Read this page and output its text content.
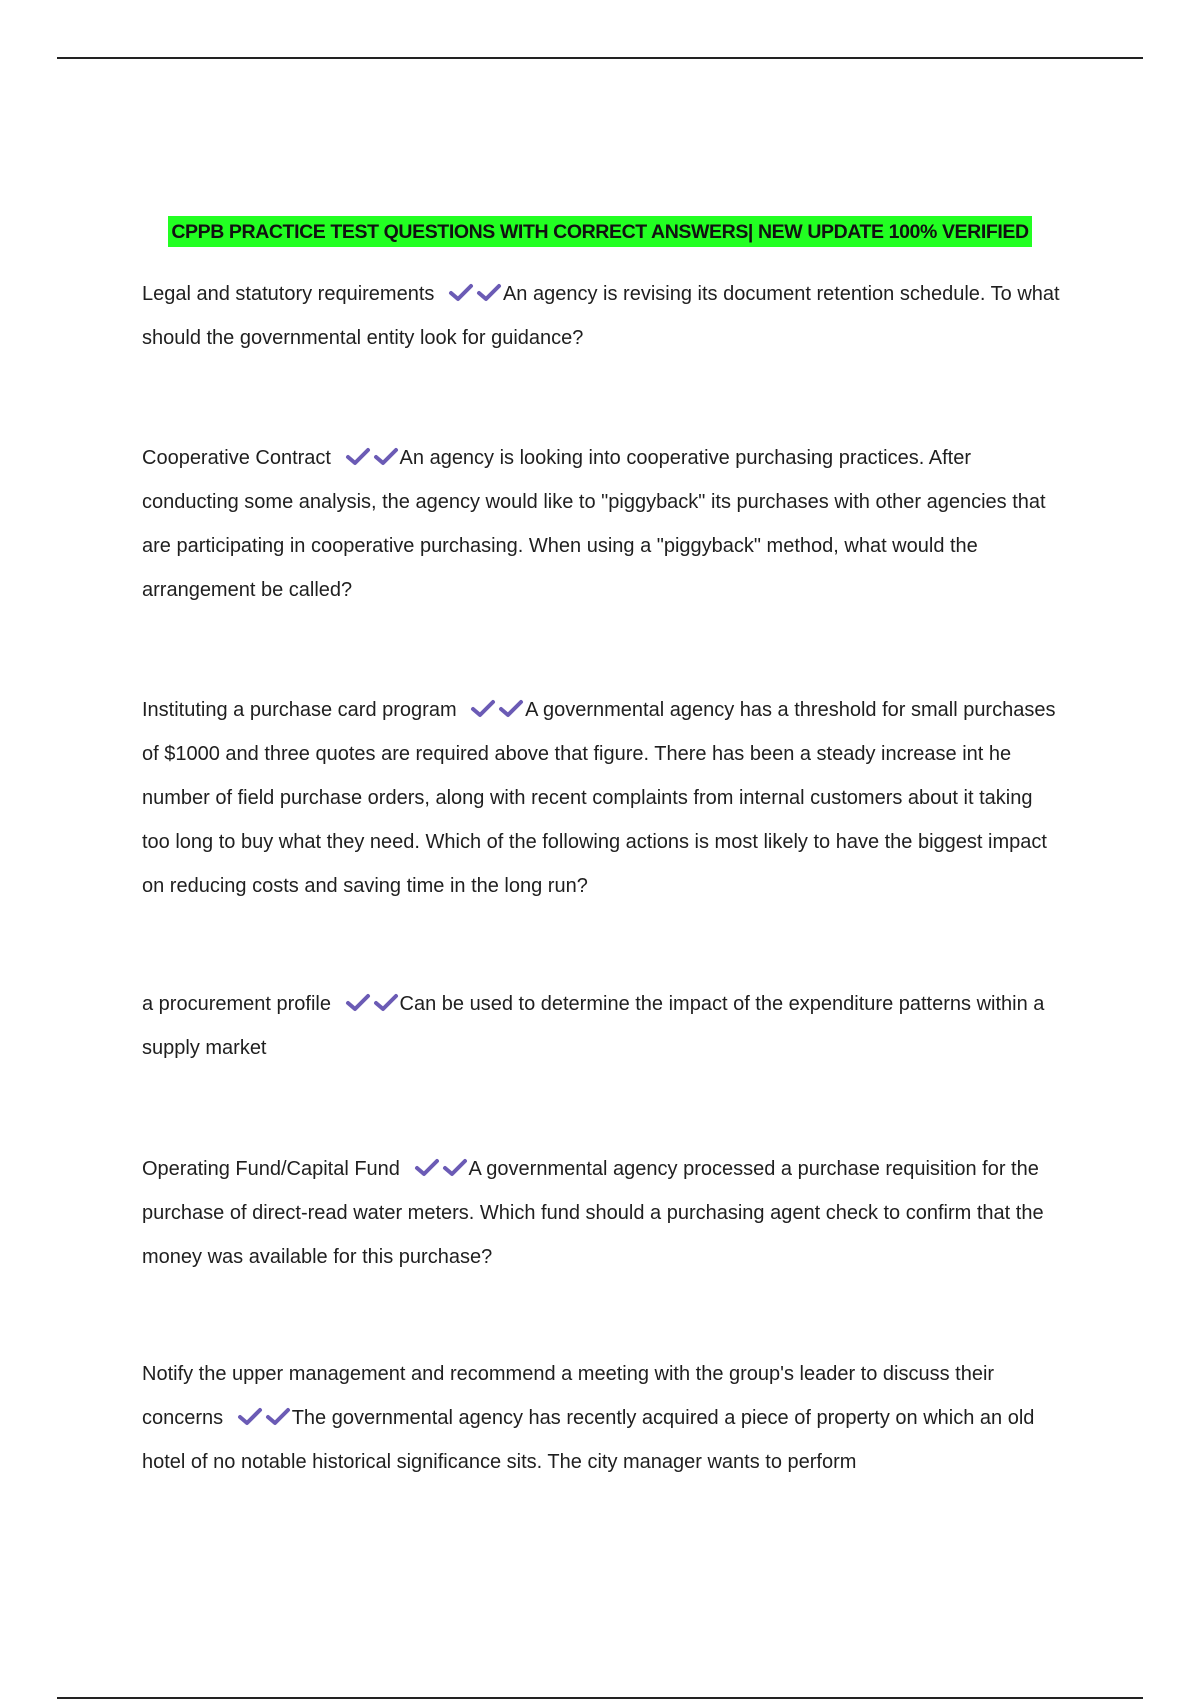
CPPB PRACTICE TEST QUESTIONS WITH CORRECT ANSWERS| NEW UPDATE 100% VERIFIED

Legal and statutory requirements	An agency is revising its document retention schedule. To what should the governmental entity look for guidance?

Cooperative Contract	An agency is looking into cooperative purchasing practices. After conducting some analysis, the agency would like to "piggyback" its purchases with other agencies that are participating in cooperative purchasing. When using a "piggyback" method, what would the arrangement be called?

Instituting a purchase card program	A governmental agency has a threshold for small purchases of $1000 and three quotes are required above that figure. There has been a steady increase int he number of field purchase orders, along with recent complaints from internal customers about it taking too long to buy what they need. Which of the following actions is most likely to have the biggest impact on reducing costs and saving time in the long run?

a procurement profile	Can be used to determine the impact of the expenditure patterns within a supply market

Operating Fund/Capital Fund	A governmental agency processed a purchase requisition for the purchase of direct-read water meters. Which fund should a purchasing agent check to confirm that the money was available for this purchase?

Notify the upper management and recommend a meeting with the group's leader to discuss their concerns	The governmental agency has recently acquired a piece of property on which an old hotel of no notable historical significance sits. The city manager wants to perform
